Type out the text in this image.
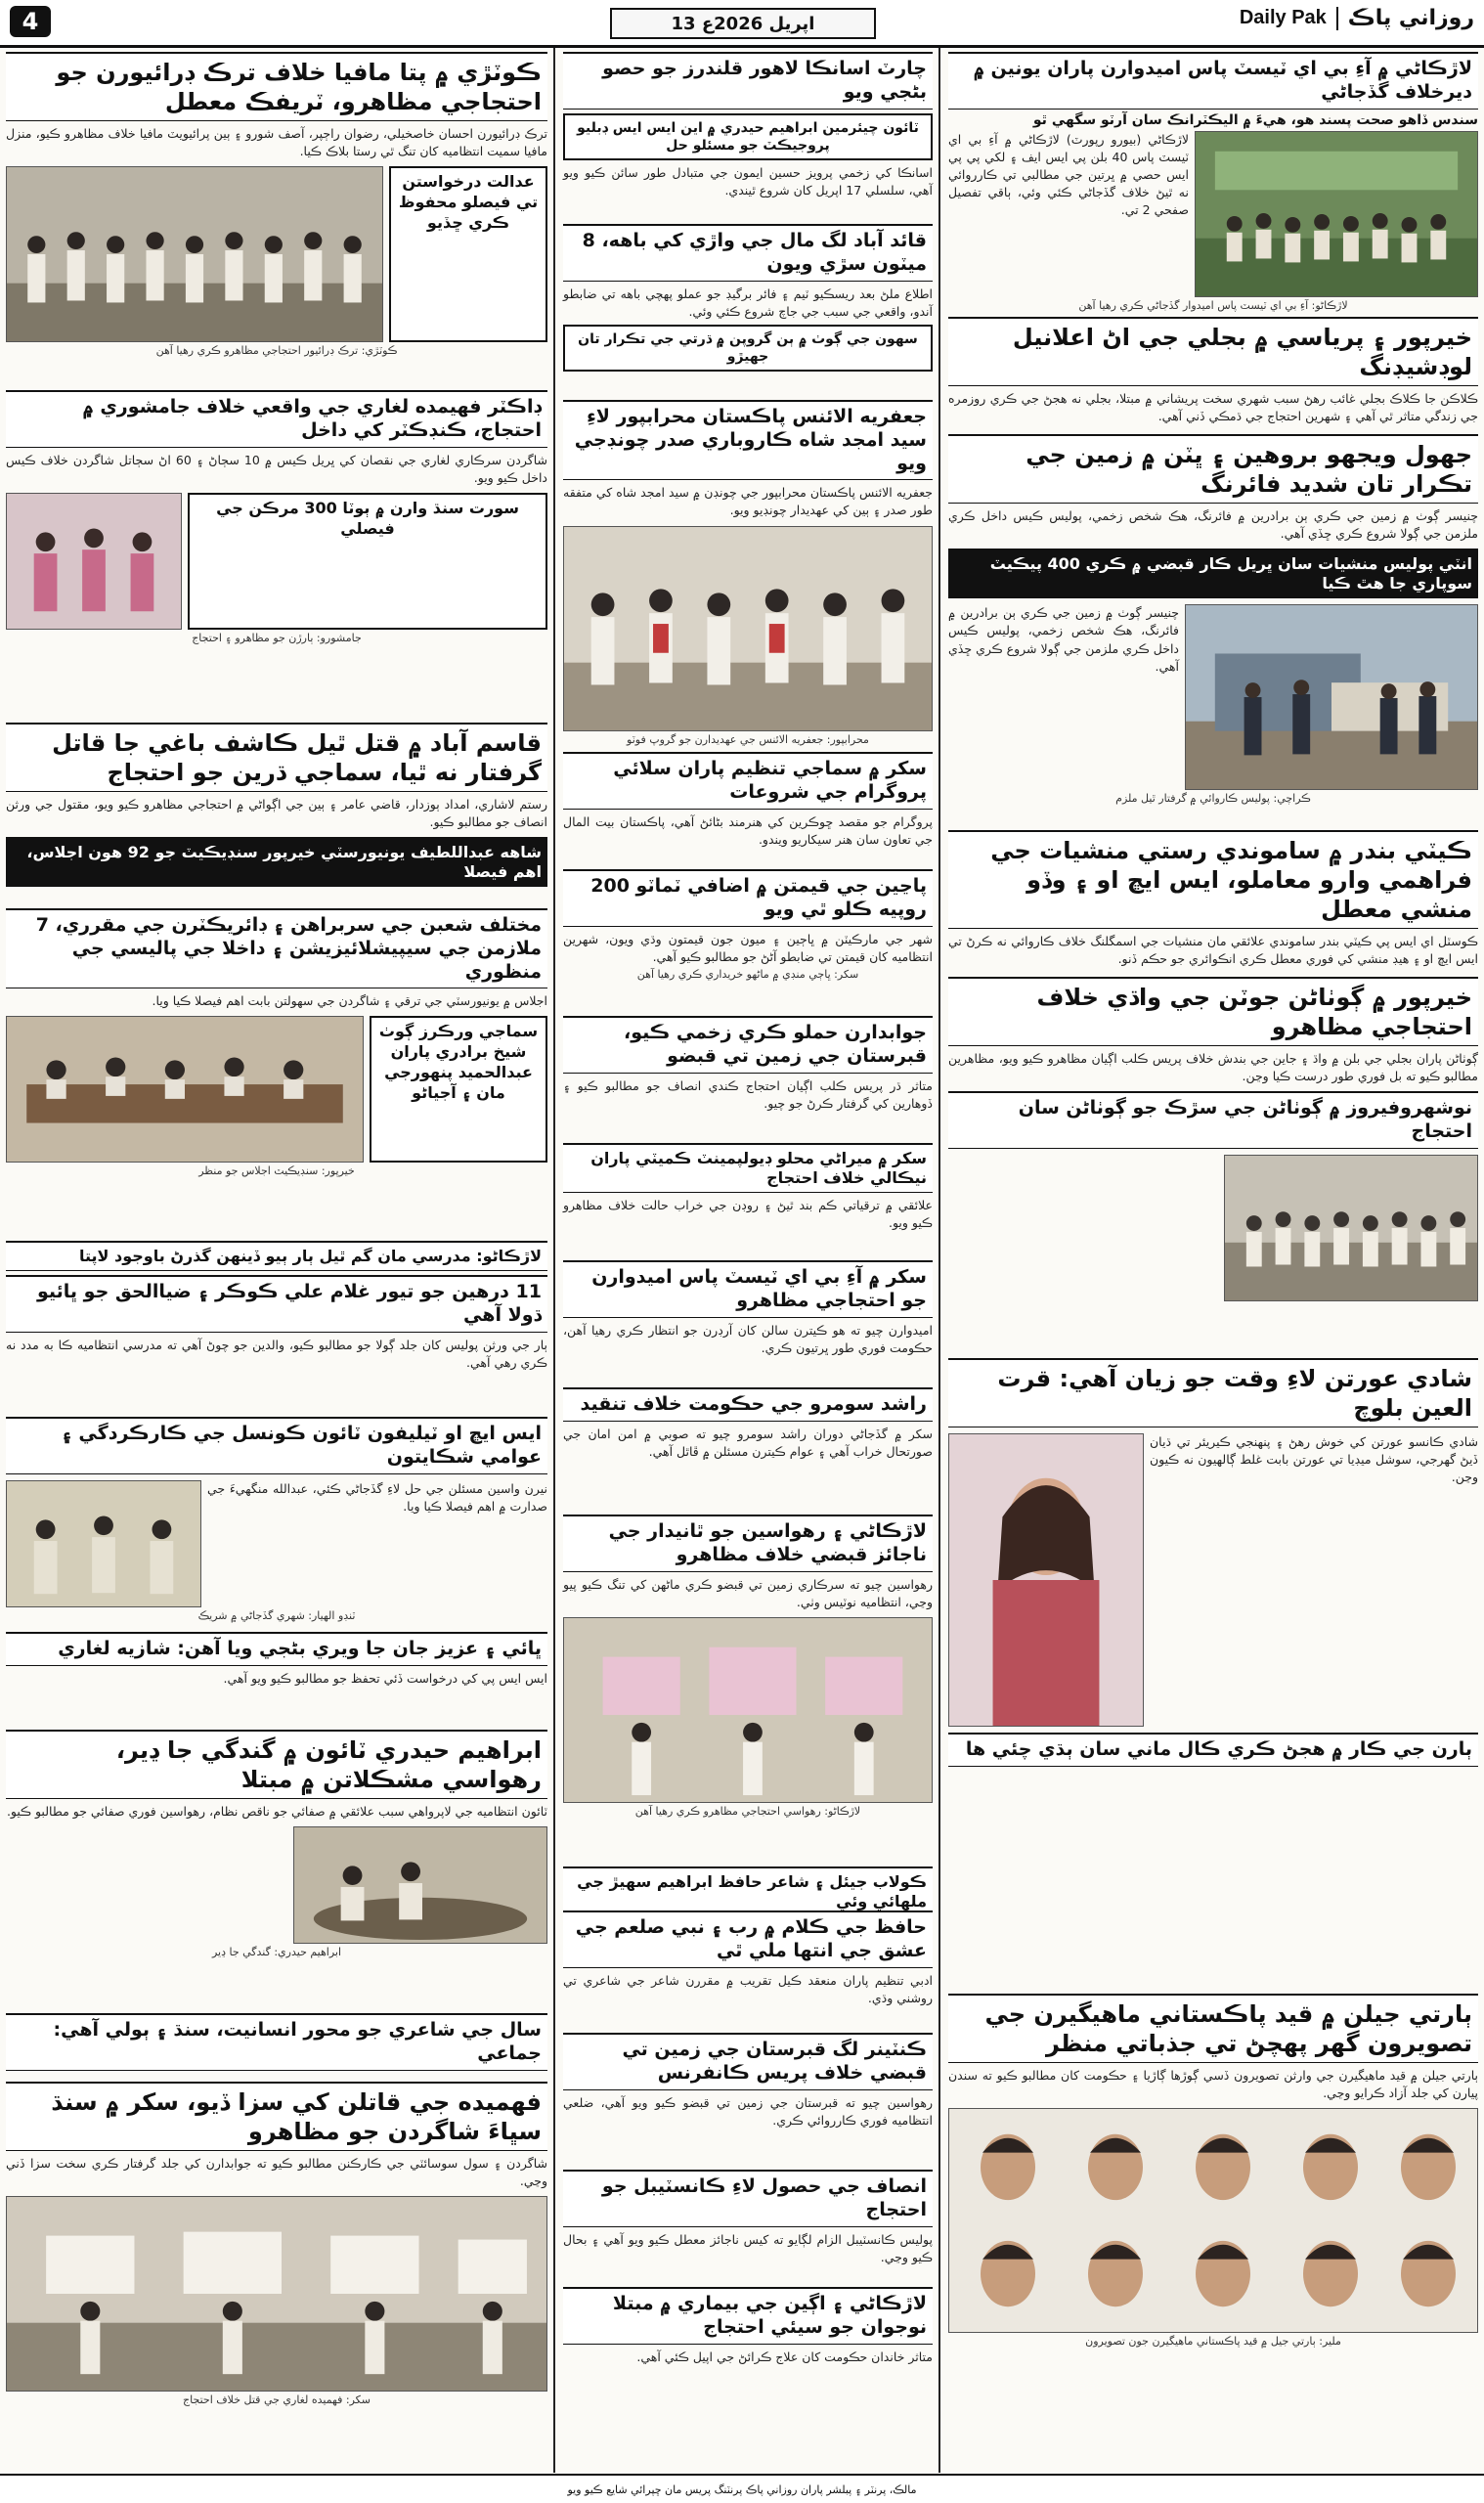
4	13 اپريل 2026ع	روزاني پاڪ
Daily Pak
لاڙڪاڻي ۾ آءِ بي اي ٽيسٽ پاس اميدوارن پاران يونين ۾ ديرخلاف گڏجاڻي
سندس ڏاهو صحت پسند هو، هيءَ ۾ اليڪٽرانڪ سان آرٽو سگهي ٿو
لاڙڪاڻي (بيورو رپورٽ) لاڙڪاڻي ۾ آءِ بي اي ٽيسٽ پاس 40 بلن پي ايس ايف ۽ لکي پي پي ايس حصي ۾ ڀرتين جي مطالبي تي ڪارروائي نه ٿيڻ خلاف گڏجاڻي ڪئي وئي، ٻاقي تفصيل صفحي 2 تي.
لاڙڪاڻو: آءِ بي اي ٽيسٽ پاس اميدوار گڏجاڻي ڪري رهيا آهن
خيرپور ۽ پرياسي ۾ بجلي جي اڻ اعلانيل لوڊشيڊنگ
ڪلاڪن جا ڪلاڪ بجلي غائب رهڻ سبب شهري سخت پريشاني ۾ مبتلا، بجلي نه هجڻ جي ڪري روزمره جي زندگي متاثر ٿي آهي ۽ شهرين احتجاج جي ڌمڪي ڏني آهي.
جهول ويجهو بروهين ۽ ڀٽن ۾ زمين جي تڪرار تان شديد فائرنگ
چنيسر ڳوٺ ۾ زمين جي ڪري ٻن برادرين ۾ فائرنگ، هڪ شخص زخمي، پوليس ڪيس داخل ڪري ملزمن جي ڳولا شروع ڪري ڇڏي آهي.
انٽي پوليس منشيات سان ڀريل ڪار قبضي ۾ ڪري 400 پيڪيٽ سوپاري جا هٿ ڪيا
چنيسر ڳوٺ ۾ زمين جي ڪري ٻن برادرين ۾ فائرنگ، هڪ شخص زخمي، پوليس ڪيس داخل ڪري ملزمن جي ڳولا شروع ڪري ڇڏي آهي.
ڪراچي: پوليس ڪاروائي ۾ گرفتار ٿيل ملزم
ڪيٽي بندر ۾ ساموندي رستي منشيات جي فراهمي وارو معاملو، ايس ايڇ او ۽ وڏو منشي معطل
ڪوسٽل اي ايس پي ڪيٽي بندر ساموندي علائقي مان منشيات جي اسمگلنگ خلاف ڪاروائي نه ڪرڻ تي ايس ايڇ او ۽ هيڊ منشي کي فوري معطل ڪري انڪوائري جو حڪم ڏنو.
خيرپور ۾ ڳوٺاڻن جوٽن جي واڌي خلاف احتجاجي مظاهرو
ڳوٺاڻن پاران بجلي جي بلن ۾ واڌ ۽ جاين جي بندش خلاف پريس ڪلب اڳيان مظاهرو ڪيو ويو، مظاهرين مطالبو ڪيو ته بل فوري طور درست ڪيا وڃن.
نوشهروفيروز ۾ ڳوٺاڻن جي سڙڪ جو ڳوٺاڻن سان احتجاج
شادي عورتن لاءِ وقت جو زيان آهي: قرت العين بلوچ
شادي ڪانسو عورتن کي خوش رهڻ ۽ پنهنجي ڪيريئر تي ڌيان ڏيڻ گهرجي، سوشل ميڊيا تي عورتن بابت غلط ڳالهيون نه ڪيون وڃن.
ٻارن جي ڪار ۾ هجڻ ڪري ڪال ماني سان ٻڌي چئي ها
ٻارتي جيلن ۾ قيد پاڪستاني ماهيگيرن جي تصويرون گهر پهچڻ تي جذباتي منظر
ٻارتي جيلن ۾ قيد ماهيگيرن جي وارثن تصويرون ڏسي ڳوڙها ڳاڙيا ۽ حڪومت کان مطالبو ڪيو ته سندن پيارن کي جلد آزاد ڪرايو وڃي.
ملير: ٻارتي جيل ۾ قيد پاڪستاني ماهيگيرن جون تصويرون
چارٽ اسانڪا لاهور قلندرز جو حصو بڻجي ويو
ٽائون چيئرمين ابراهيم حيدري ۾ اين ايس ايس ڊبليو پروجيڪٽ جو مسئلو حل
اسانڪا کي زخمي پرويز حسين ايمون جي متبادل طور سائن ڪيو ويو آهي، سلسلي 17 اپريل کان شروع ٿيندي.
قائد آباد لگ مال جي واڙي کي باهه، 8 ميٽون سڙي ويون
اطلاع ملڻ بعد ريسڪيو ٽيم ۽ فائر برگيڊ جو عملو پهچي باهه تي ضابطو آندو، واقعي جي سبب جي جاچ شروع ڪئي وئي.
سهون جي ڳوٺ ۾ ٻن گروپن ۾ ڌرتي جي تڪرار تان جهيڙو
جعفريه الائنس پاڪستان محرابپور لاءِ سيد امجد شاه ڪاروباري صدر چونڊجي ويو
جعفريه الائنس پاڪستان محرابپور جي چونڊن ۾ سيد امجد شاه کي متفقه طور صدر ۽ ٻين کي عهديدار چونڊيو ويو.
محرابپور: جعفريه الائنس جي عهديدارن جو گروپ فوٽو
سکر ۾ سماجي تنظيم پاران سلائي پروگرام جي شروعات
پروگرام جو مقصد ڇوڪرين کي هنرمند بڻائڻ آهي، پاڪستان بيت المال جي تعاون سان هنر سيکاريو ويندو.
پاڃين جي قيمتن ۾ اضافي ٽماٽو 200 روپيه ڪلو ٿي ويو
شهر جي مارڪيٽن ۾ ڀاڄين ۽ ميون جون قيمتون وڌي ويون، شهرين انتظاميه کان قيمتن تي ضابطو آڻڻ جو مطالبو ڪيو آهي.
سکر: ڀاڄي منڊي ۾ ماڻهو خريداري ڪري رهيا آهن
جوابدارن حملو ڪري زخمي ڪيو، قبرستان جي زمين تي قبضو
متاثر ڌر پريس ڪلب اڳيان احتجاج ڪندي انصاف جو مطالبو ڪيو ۽ ڏوهارين کي گرفتار ڪرڻ جو چيو.
سکر ۾ ميراڻي محلو ڊيولپمينٽ ڪميٽي پاران نيڪالي خلاف احتجاج
علائقي ۾ ترقياتي ڪم بند ٿيڻ ۽ روڊن جي خراب حالت خلاف مظاهرو ڪيو ويو.
سکر ۾ آءِ بي اي ٽيسٽ پاس اميدوارن جو احتجاجي مظاهرو
اميدوارن چيو ته هو ڪيترن سالن کان آرڊرن جو انتظار ڪري رهيا آهن، حڪومت فوري طور ڀرتيون ڪري.
راشد سومرو جي حڪومت خلاف تنقيد
سکر ۾ گڏجاڻي دوران راشد سومرو چيو ته صوبي ۾ امن امان جي صورتحال خراب آهي ۽ عوام ڪيترن مسئلن ۾ ڦاٿل آهي.
لاڙڪاڻي ۽ رهواسين جو ٿانيدار جي ناجائز قبضي خلاف مظاهرو
رهواسين چيو ته سرڪاري زمين تي قبضو ڪري ماڻهن کي تنگ ڪيو پيو وڃي، انتظاميه نوٽيس وٺي.
لاڙڪاڻو: رهواسي احتجاجي مظاهرو ڪري رهيا آهن
ڪولاب جيئل ۽ شاعر حافظ ابراهيم سهيڙ جي ملهائي وئي
حافظ جي ڪلام ۾ رب ۽ نبي صلعم جي عشق جي انتها ملي ٿي
ادبي تنظيم پاران منعقد ڪيل تقريب ۾ مقررن شاعر جي شاعري تي روشني وڌي.
ڪنٽينر لگ قبرستان جي زمين تي قبضي خلاف پريس ڪانفرنس
رهواسين چيو ته قبرستان جي زمين تي قبضو ڪيو ويو آهي، ضلعي انتظاميه فوري ڪارروائي ڪري.
انصاف جي حصول لاءِ ڪانسٽيبل جو احتجاج
پوليس ڪانسٽيبل الزام لڳايو ته کيس ناجائز معطل ڪيو ويو آهي ۽ بحال ڪيو وڃي.
لاڙڪاڻي ۽ اڳين جي بيماري ۾ مبتلا نوجوان جو سيئي احتجاج
متاثر خاندان حڪومت کان علاج ڪرائڻ جي اپيل ڪئي آهي.
ڪوٽڙي ۾ پتا مافيا خلاف ترڪ ڊرائيورن جو احتجاجي مظاهرو، ٽريفڪ معطل
ترڪ ڊرائيورن احسان خاصخيلي، رضوان راڄپر، آصف شورو ۽ ٻين پرائيويٽ مافيا خلاف مظاهرو ڪيو، منزل مافيا سميت انتظاميه کان تنگ ٿي رستا بلاڪ ڪيا.
عدالت درخواستن تي فيصلو محفوظ ڪري ڇڏيو
ڪوٽڙي: ترڪ ڊرائيور احتجاجي مظاهرو ڪري رهيا آهن
ڊاڪٽر فهيمده لغاري جي واقعي خلاف جامشوري ۾ احتجاج، ڪنڊڪٽر کي داخل
شاگردن سرڪاري لغاري جي نقصان کي ڀريل ڪيس ۾ 10 سڄاڻ ۽ 60 اڻ سڄاتل شاگردن خلاف ڪيس داخل ڪيو ويو.
سورت سنڌ وارن ۾ ٻوٽا 300 مرڪن جي فيصلي
جامشورو: ٻارڙن جو مظاهرو ۽ احتجاج
قاسم آباد ۾ قتل ٿيل ڪاشف باغي جا قاتل گرفتار نه ٿيا، سماجي ڌرين جو احتجاج
رستم لاشاري، امداد ٻوزدار، قاضي عامر ۽ ٻين جي اڳواڻي ۾ احتجاجي مظاهرو ڪيو ويو، مقتول جي ورثن انصاف جو مطالبو ڪيو.
شاهه عبداللطيف يونيورسٽي خيرپور سنڊيڪيٽ جو 92 هون اجلاس، اهم فيصلا
مختلف شعبن جي سربراهن ۽ ڊائريڪٽرن جي مقرري، 7 ملازمن جي سيپيشلائيزيشن ۽ داخلا جي پاليسي جي منظوري
اجلاس ۾ يونيورسٽي جي ترقي ۽ شاگردن جي سهولتن بابت اهم فيصلا ڪيا ويا.
سماجي ورڪرز ڳوٺ شيخ برادري پاران عبدالحميد پنهورجي مان ۽ آجياڻو
خيرپور: سنڊيڪيٽ اجلاس جو منظر
لاڙڪاڻو: مدرسي مان گم ٿيل ٻار ٻيو ڏينهن گذرڻ باوجود لاپتا
11 درهين جو تيور غلام علي ڪوڪر ۽ ضياالحق جو ڀائيو ڌولا آهي
ٻار جي ورثن پوليس کان جلد ڳولا جو مطالبو ڪيو، والدين جو چوڻ آهي ته مدرسي انتظاميه ڪا به مدد نه ڪري رهي آهي.
ايس ايڇ او ٽيليفون ٽائون ڪونسل جي ڪارڪردگي ۽ عوامي شڪايتون
نيرن واسين مسئلن جي حل لاءِ گڏجاڻي ڪئي، عبدالله منگهيءَ جي صدارت ۾ اهم فيصلا ڪيا ويا.
ٽنڊو الهيار: شهري گڏجاڻي ۾ شريڪ
ڀائي ۽ عزيز جان جا ويري بڻجي ويا آهن: شازيه لغاري
ايس ايس پي کي درخواست ڏئي تحفظ جو مطالبو ڪيو ويو آهي.
ابراهيم حيدري ٽائون ۾ گندگي جا ڍير، رهواسي مشڪلاتن ۾ مبتلا
ٽائون انتظاميه جي لاپرواهي سبب علائقي ۾ صفائي جو ناقص نظام، رهواسين فوري صفائي جو مطالبو ڪيو.
ابراهيم حيدري: گندگي جا ڍير
سال جي شاعري جو محور انسانيت، سنڌ ۽ ٻولي آهي: جماعي
فهميده جي قاتلن کي سزا ڏيو، سکر ۾ سنڌ سڀاءَ شاگردن جو مظاهرو
شاگردن ۽ سول سوسائٽي جي ڪارڪنن مطالبو ڪيو ته جوابدارن کي جلد گرفتار ڪري سخت سزا ڏني وڃي.
سکر: فهميده لغاري جي قتل خلاف احتجاج
مالڪ، پرنٽر ۽ پبلشر پاران روزاني پاڪ پرنٽنگ پريس مان ڇپرائي شايع ڪيو ويو
